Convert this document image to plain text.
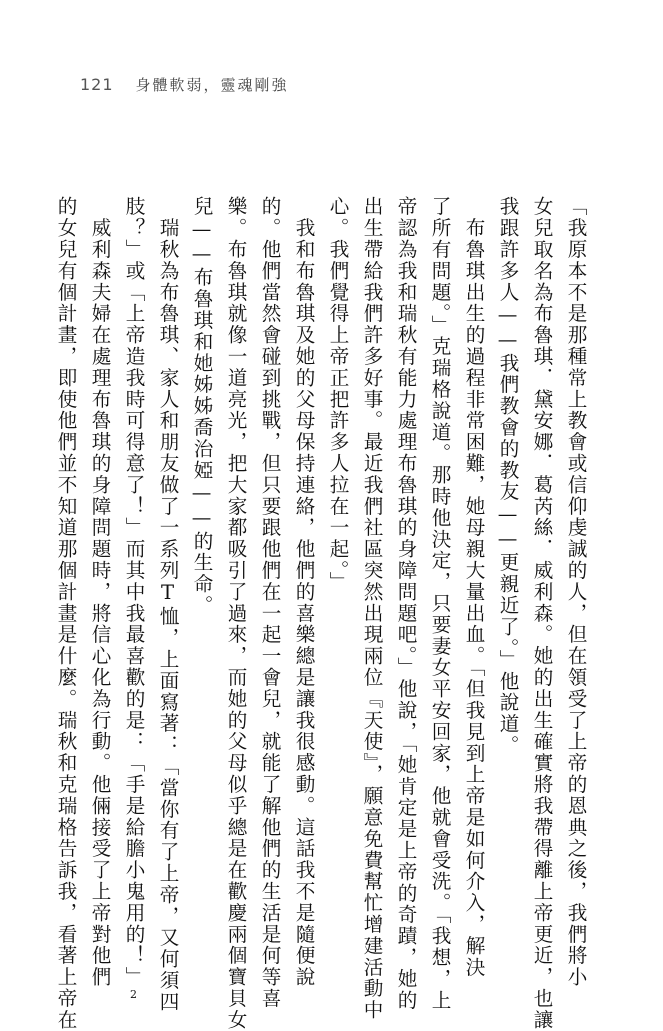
121 身體軟弱，靈魂剛強
「我原本不是那種常上教會或信仰虔誠的人，但在領受了上帝的恩典之後，我們將小
女兒取名為布魯琪．黛安娜．葛芮絲．威利森。她的出生確實將我帶得離上帝更近，也讓
我跟許多人——我們教會的教友——更親近了。」他說道。
　布魯琪出生的過程非常困難，她母親大量出血。「但我見到上帝是如何介入，解決
了所有問題。」克瑞格說道。那時他決定，只要妻女平安回家，他就會受洗。「我想，上
帝認為我和瑞秋有能力處理布魯琪的身障問題吧。」他說，「她肯定是上帝的奇蹟，她的
出生帶給我們許多好事。最近我們社區突然出現兩位『天使』，願意免費幫忙增建活動中
心。我們覺得上帝正把許多人拉在一起。」
　我和布魯琪及她的父母保持連絡，他們的喜樂總是讓我很感動。這話我不是隨便說
的。他們當然會碰到挑戰，但只要跟他們在一起一會兒，就能了解他們的生活是何等喜
樂。布魯琪就像一道亮光，把大家都吸引了過來，而她的父母似乎總是在歡慶兩個寶貝女
兒——布魯琪和她姊姊喬治婭——的生命。
　瑞秋為布魯琪、家人和朋友做了一系列T恤，上面寫著：「當你有了上帝，又何須四
肢？」或「上帝造我時可得意了！」而其中我最喜歡的是：「手是給膽小鬼用的！」2
　威利森夫婦在處理布魯琪的身障問題時，將信心化為行動。他倆接受了上帝對他們
的女兒有個計畫，即使他們並不知道那個計畫是什麼。瑞秋和克瑞格告訴我，看著上帝在
